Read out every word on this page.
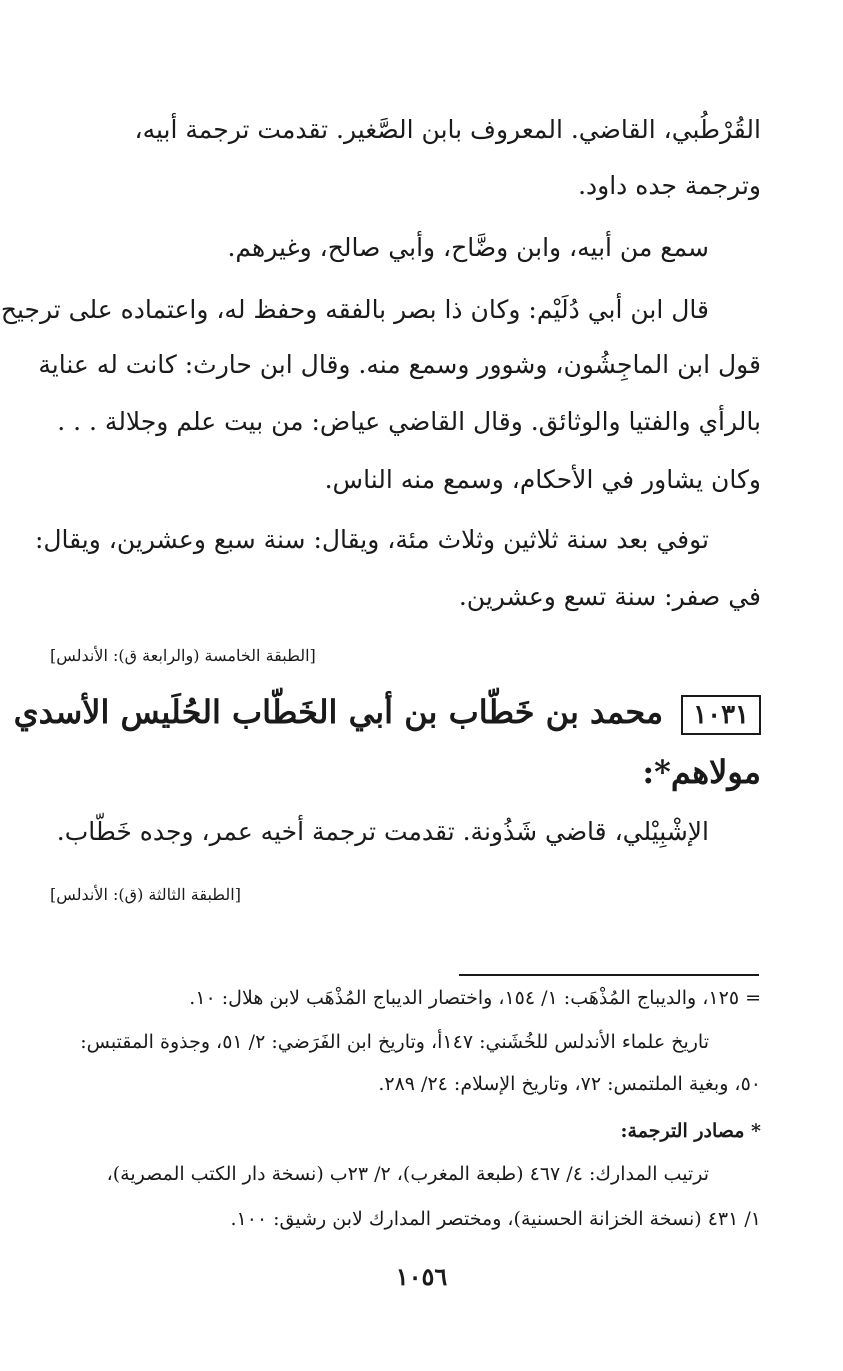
القُرْطُبي، القاضي. المعروف بابن الصَّغير. تقدمت ترجمة أبيه،
وترجمة جده داود.
سمع من أبيه، وابن وضَّاح، وأبي صالح، وغيرهم.
قال ابن أبي دُلَيْم: وكان ذا بصر بالفقه وحفظ له، واعتماده على ترجيح
قول ابن الماجِشُون، وشوور وسمع منه. وقال ابن حارث: كانت له عناية
بالرأي والفتيا والوثائق. وقال القاضي عياض: من بيت علم وجلالة . . .
وكان يشاور في الأحكام، وسمع منه الناس.
توفي بعد سنة ثلاثين وثلاث مئة، ويقال: سنة سبع وعشرين، ويقال:
في صفر: سنة تسع وعشرين.
[الطبقة الخامسة (والرابعة ق): الأندلس]
١٠٣١محمد بن خَطّاب بن أبي الخَطّاب الحُلَيس الأسدي
مولاهم*:
الإشْبِيْلي، قاضي شَذُونة. تقدمت ترجمة أخيه عمر، وجده خَطّاب.
[الطبقة الثالثة (ق): الأندلس]
= ١٢٥، والديباج المُذْهَب: ١/ ١٥٤، واختصار الديباج المُذْهَب لابن هلال: ١٠.
تاريخ علماء الأندلس للخُشَني: ١٤٧أ، وتاريخ ابن الفَرَضي: ٢/ ٥١، وجذوة المقتبس:
٥٠، وبغية الملتمس: ٧٢، وتاريخ الإسلام: ٢٤/ ٢٨٩.
* مصادر الترجمة:
ترتيب المدارك: ٤/ ٤٦٧ (طبعة المغرب)، ٢/ ٢٣ب (نسخة دار الكتب المصرية)،
١/ ٤٣١ (نسخة الخزانة الحسنية)، ومختصر المدارك لابن رشيق: ١٠٠.
١٠٥٦
